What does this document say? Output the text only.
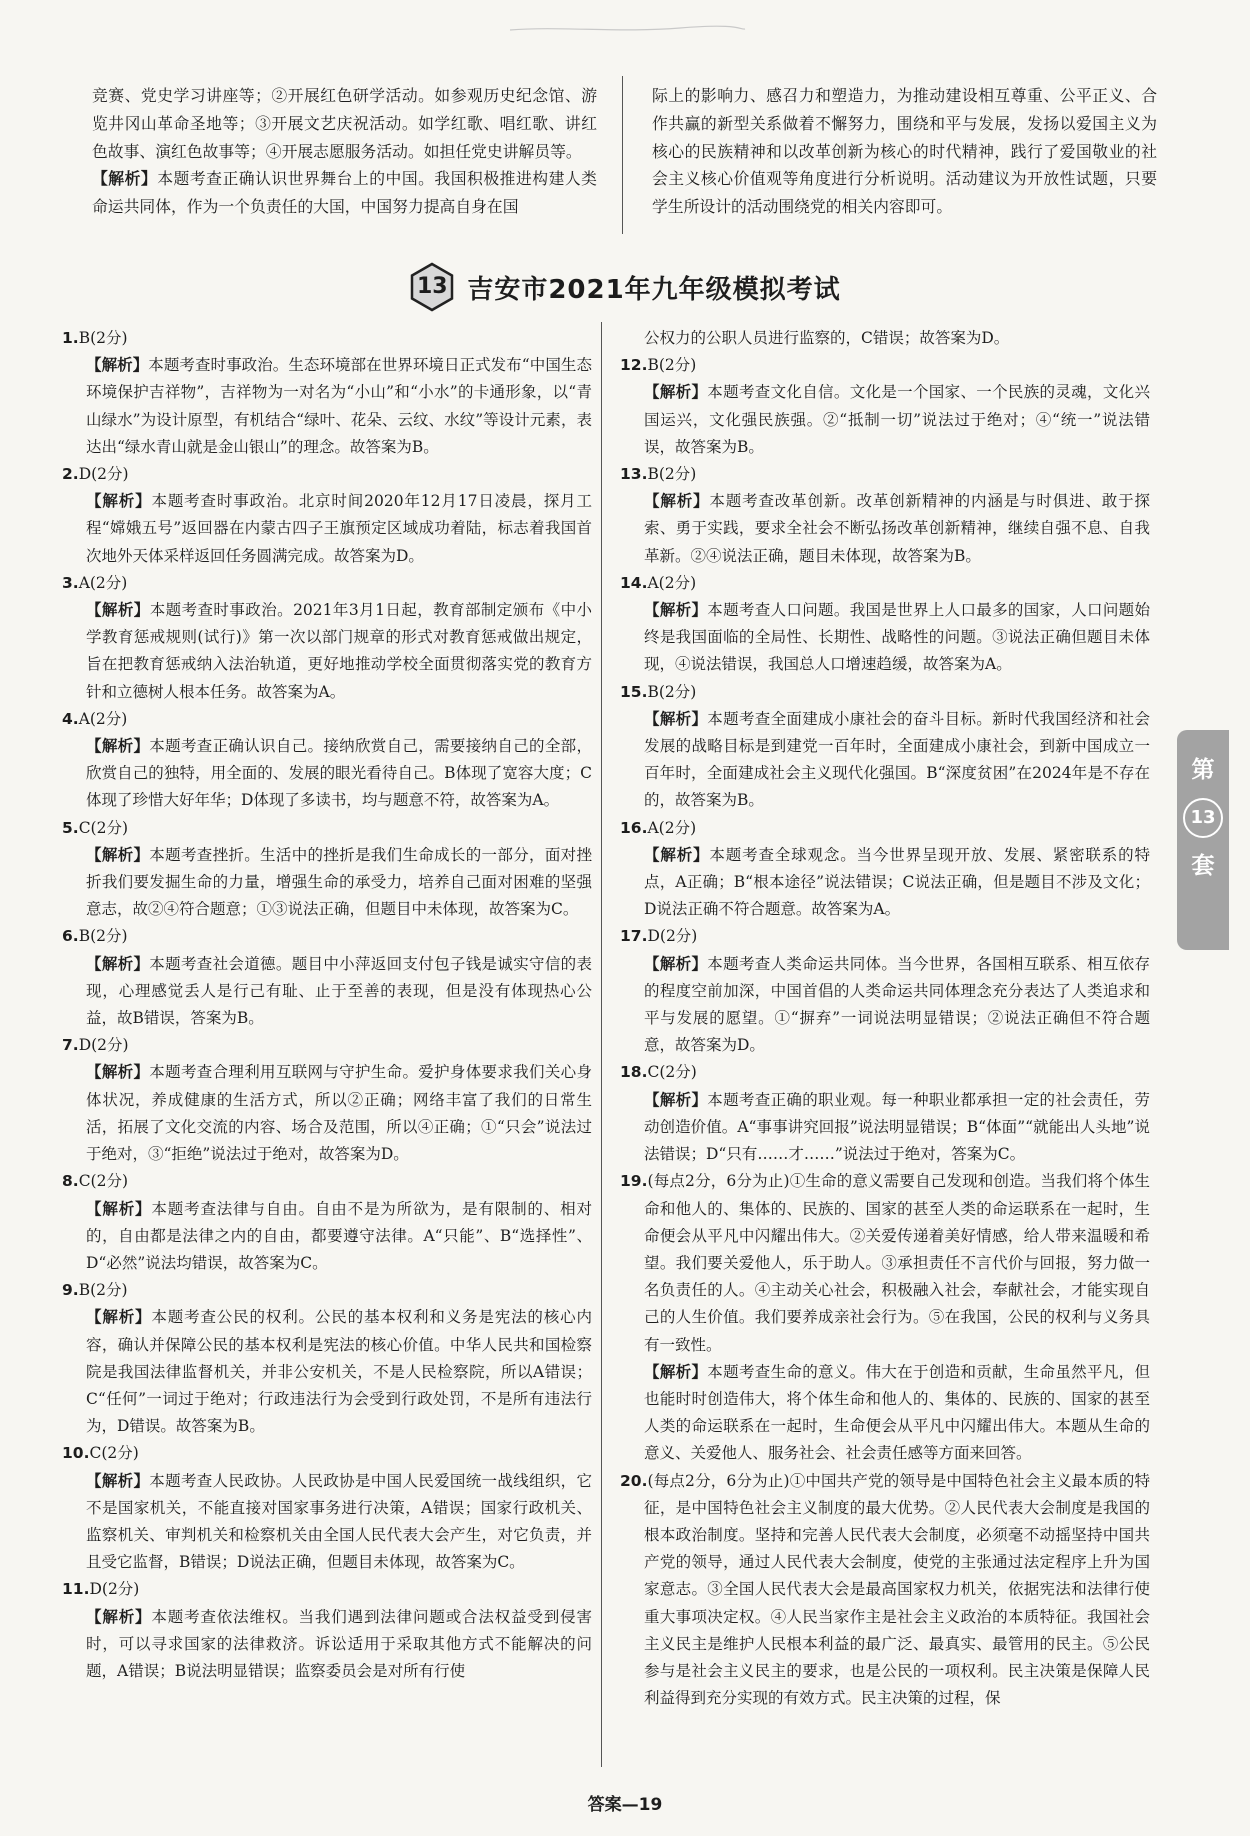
竞赛、党史学习讲座等；②开展红色研学活动。如参观历史纪念馆、游览井冈山革命圣地等；③开展文艺庆祝活动。如学红歌、唱红歌、讲红色故事、演红色故事等；④开展志愿服务活动。如担任党史讲解员等。
【解析】本题考查正确认识世界舞台上的中国。我国积极推进构建人类命运共同体，作为一个负责任的大国，中国努力提高自身在国
际上的影响力、感召力和塑造力，为推动建设相互尊重、公平正义、合作共赢的新型关系做着不懈努力，围绕和平与发展，发扬以爱国主义为核心的民族精神和以改革创新为核心的时代精神，践行了爱国敬业的社会主义核心价值观等角度进行分析说明。活动建议为开放性试题，只要学生所设计的活动围绕党的相关内容即可。
13 吉安市2021年九年级模拟考试
1.B(2分)
【解析】本题考查时事政治。生态环境部在世界环境日正式发布“中国生态环境保护吉祥物”，吉祥物为一对名为“小山”和“小水”的卡通形象，以“青山绿水”为设计原型，有机结合“绿叶、花朵、云纹、水纹”等设计元素，表达出“绿水青山就是金山银山”的理念。故答案为B。
2.D(2分)
【解析】本题考查时事政治。北京时间2020年12月17日凌晨，探月工程“嫦娥五号”返回器在内蒙古四子王旗预定区域成功着陆，标志着我国首次地外天体采样返回任务圆满完成。故答案为D。
3.A(2分)
【解析】本题考查时事政治。2021年3月1日起，教育部制定颁布《中小学教育惩戒规则(试行)》第一次以部门规章的形式对教育惩戒做出规定，旨在把教育惩戒纳入法治轨道，更好地推动学校全面贯彻落实党的教育方针和立德树人根本任务。故答案为A。
4.A(2分)
【解析】本题考查正确认识自己。接纳欣赏自己，需要接纳自己的全部，欣赏自己的独特，用全面的、发展的眼光看待自己。B体现了宽容大度；C体现了珍惜大好年华；D体现了多读书，均与题意不符，故答案为A。
5.C(2分)
【解析】本题考查挫折。生活中的挫折是我们生命成长的一部分，面对挫折我们要发掘生命的力量，增强生命的承受力，培养自己面对困难的坚强意志，故②④符合题意；①③说法正确，但题目中未体现，故答案为C。
6.B(2分)
【解析】本题考查社会道德。题目中小萍返回支付包子钱是诚实守信的表现，心理感觉丢人是行己有耻、止于至善的表现，但是没有体现热心公益，故B错误，答案为B。
7.D(2分)
【解析】本题考查合理利用互联网与守护生命。爱护身体要求我们关心身体状况，养成健康的生活方式，所以②正确；网络丰富了我们的日常生活，拓展了文化交流的内容、场合及范围，所以④正确；①“只会”说法过于绝对，③“拒绝”说法过于绝对，故答案为D。
8.C(2分)
【解析】本题考查法律与自由。自由不是为所欲为，是有限制的、相对的，自由都是法律之内的自由，都要遵守法律。A“只能”、B“选择性”、D“必然”说法均错误，故答案为C。
9.B(2分)
【解析】本题考查公民的权利。公民的基本权利和义务是宪法的核心内容，确认并保障公民的基本权利是宪法的核心价值。中华人民共和国检察院是我国法律监督机关，并非公安机关，不是人民检察院，所以A错误；C“任何”一词过于绝对；行政违法行为会受到行政处罚，不是所有违法行为，D错误。故答案为B。
10.C(2分)
【解析】本题考查人民政协。人民政协是中国人民爱国统一战线组织，它不是国家机关，不能直接对国家事务进行决策，A错误；国家行政机关、监察机关、审判机关和检察机关由全国人民代表大会产生，对它负责，并且受它监督，B错误；D说法正确，但题目未体现，故答案为C。
11.D(2分)
【解析】本题考查依法维权。当我们遇到法律问题或合法权益受到侵害时，可以寻求国家的法律救济。诉讼适用于采取其他方式不能解决的问题，A错误；B说法明显错误；监察委员会是对所有行使
公权力的公职人员进行监察的，C错误；故答案为D。
12.B(2分)
【解析】本题考查文化自信。文化是一个国家、一个民族的灵魂，文化兴国运兴，文化强民族强。②“抵制一切”说法过于绝对；④“统一”说法错误，故答案为B。
13.B(2分)
【解析】本题考查改革创新。改革创新精神的内涵是与时俱进、敢于探索、勇于实践，要求全社会不断弘扬改革创新精神，继续自强不息、自我革新。②④说法正确，题目未体现，故答案为B。
14.A(2分)
【解析】本题考查人口问题。我国是世界上人口最多的国家，人口问题始终是我国面临的全局性、长期性、战略性的问题。③说法正确但题目未体现，④说法错误，我国总人口增速趋缓，故答案为A。
15.B(2分)
【解析】本题考查全面建成小康社会的奋斗目标。新时代我国经济和社会发展的战略目标是到建党一百年时，全面建成小康社会，到新中国成立一百年时，全面建成社会主义现代化强国。B“深度贫困”在2024年是不存在的，故答案为B。
16.A(2分)
【解析】本题考查全球观念。当今世界呈现开放、发展、紧密联系的特点，A正确；B“根本途径”说法错误；C说法正确，但是题目不涉及文化；D说法正确不符合题意。故答案为A。
17.D(2分)
【解析】本题考查人类命运共同体。当今世界，各国相互联系、相互依存的程度空前加深，中国首倡的人类命运共同体理念充分表达了人类追求和平与发展的愿望。①“摒弃”一词说法明显错误；②说法正确但不符合题意，故答案为D。
18.C(2分)
【解析】本题考查正确的职业观。每一种职业都承担一定的社会责任，劳动创造价值。A“事事讲究回报”说法明显错误；B“体面”“就能出人头地”说法错误；D“只有……才……”说法过于绝对，答案为C。
19.(每点2分，6分为止)①生命的意义需要自己发现和创造。当我们将个体生命和他人的、集体的、民族的、国家的甚至人类的命运联系在一起时，生命便会从平凡中闪耀出伟大。②关爱传递着美好情感，给人带来温暖和希望。我们要关爱他人，乐于助人。③承担责任不言代价与回报，努力做一名负责任的人。④主动关心社会，积极融入社会，奉献社会，才能实现自己的人生价值。我们要养成亲社会行为。⑤在我国，公民的权利与义务具有一致性。
【解析】本题考查生命的意义。伟大在于创造和贡献，生命虽然平凡，但也能时时创造伟大，将个体生命和他人的、集体的、民族的、国家的甚至人类的命运联系在一起时，生命便会从平凡中闪耀出伟大。本题从生命的意义、关爱他人、服务社会、社会责任感等方面来回答。
20.(每点2分，6分为止)①中国共产党的领导是中国特色社会主义最本质的特征，是中国特色社会主义制度的最大优势。②人民代表大会制度是我国的根本政治制度。坚持和完善人民代表大会制度，必须毫不动摇坚持中国共产党的领导，通过人民代表大会制度，使党的主张通过法定程序上升为国家意志。③全国人民代表大会是最高国家权力机关，依据宪法和法律行使重大事项决定权。④人民当家作主是社会主义政治的本质特征。我国社会主义民主是维护人民根本利益的最广泛、最真实、最管用的民主。⑤公民参与是社会主义民主的要求，也是公民的一项权利。民主决策是保障人民利益得到充分实现的有效方式。民主决策的过程，保
第
13
套
答案—19
